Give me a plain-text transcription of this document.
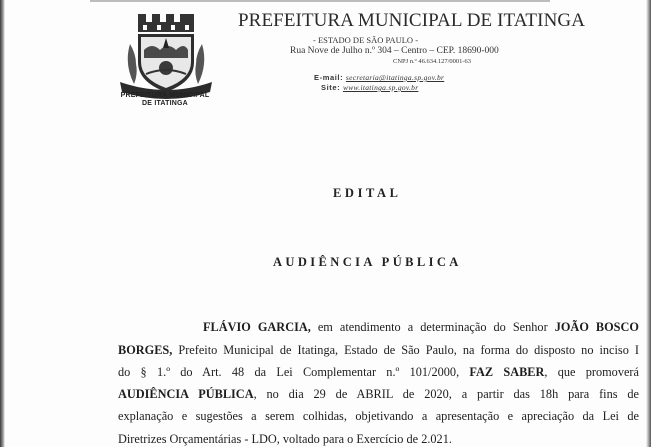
PREFEITURA MUNICIPAL
DE ITATINGA
PREFEITURA MUNICIPAL DE ITATINGA
- ESTADO DE SÃO PAULO -
Rua Nove de Julho n.º 304 – Centro – CEP. 18690-000
CNPJ n.º 46.634.127/0001-63
E-mail: secretaria@itatinga.sp.gov.br
Site: www.itatinga.sp.gov.br
EDITAL
AUDIÊNCIA PÚBLICA
FLÁVIO GARCIA, em atendimento a determinação do Senhor JOÃO BOSCO
BORGES, Prefeito Municipal de Itatinga, Estado de São Paulo, na forma do disposto no inciso I
do § 1.º do Art. 48 da Lei Complementar n.º 101/2000, FAZ SABER, que promoverá
AUDIÊNCIA PÚBLICA, no dia 29 de ABRIL de 2020, a partir das 18h para fins de
explanação e sugestões a serem colhidas, objetivando a apresentação e apreciação da Lei de
Diretrizes Orçamentárias - LDO, voltado para o Exercício de 2.021.
